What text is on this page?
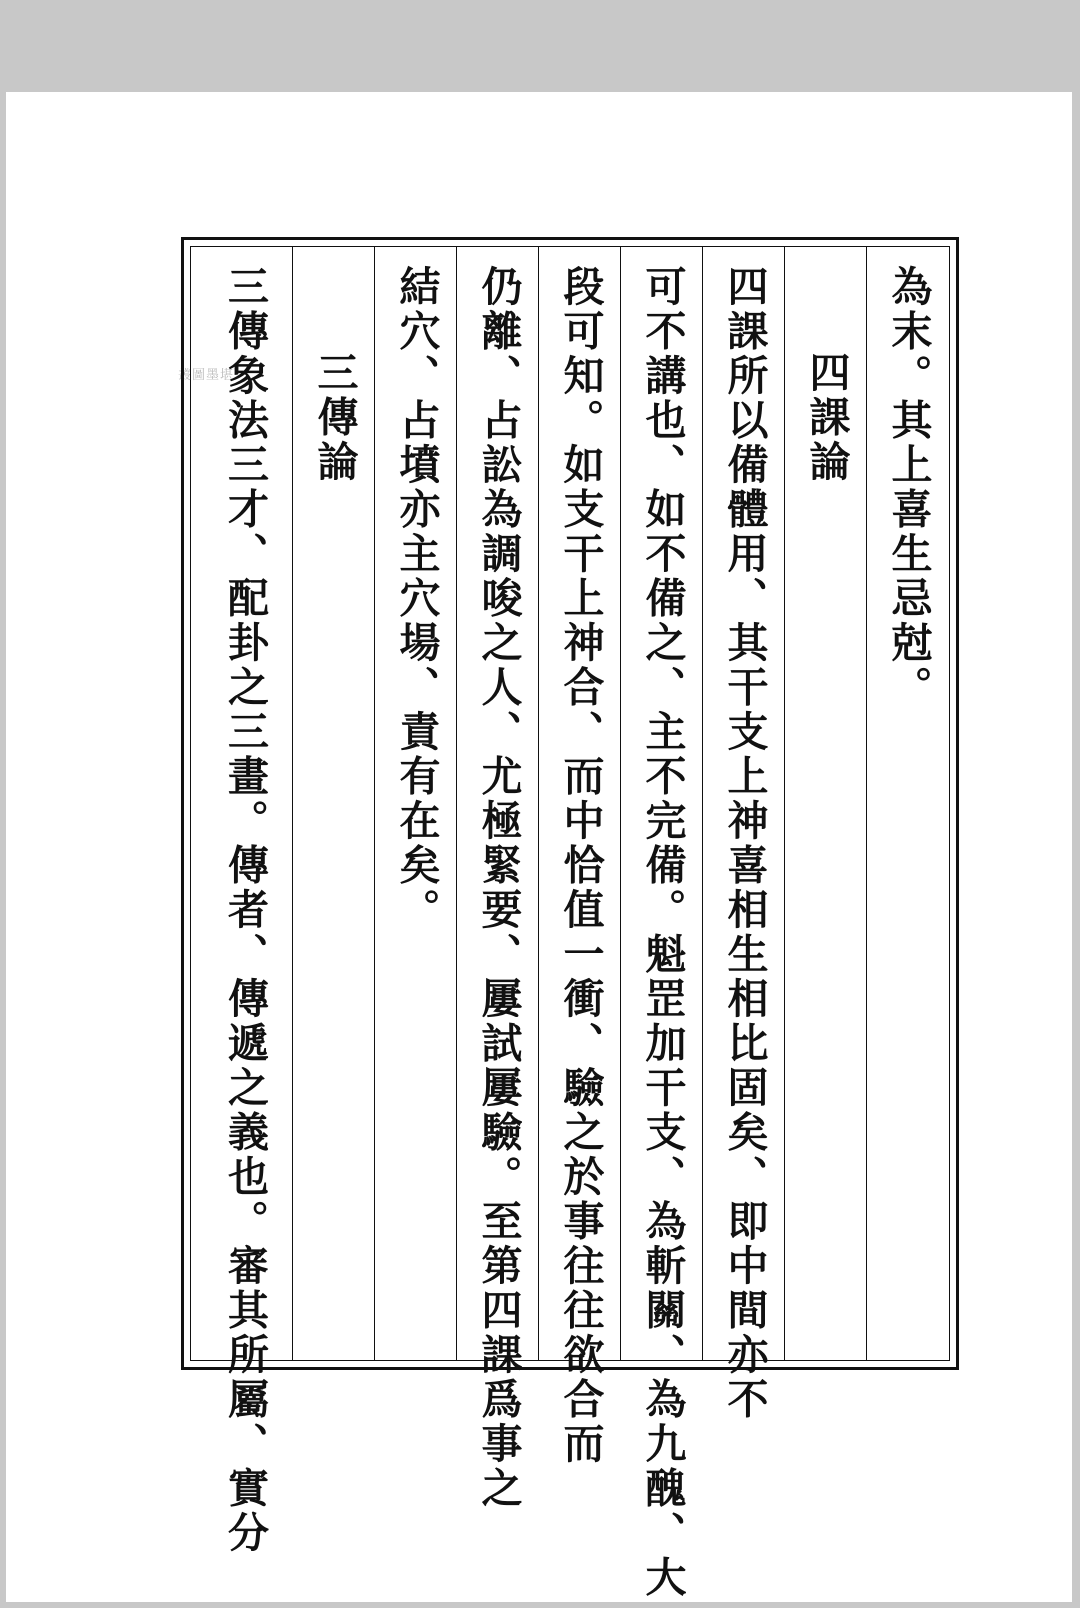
叢圖墨堪	為末。其上喜生忌尅。
四課論
四課所以備體用、其干支上神喜相生相比固矣、即中間亦不
可不講也、如不備之、主不完備。魁罡加干支、為斬關、為九醜、大
段可知。如支干上神合、而中恰值一衝、驗之於事往往欲合而
仍離、占訟為調唆之人、尤極緊要、屢試屢驗。至第四課爲事之
結穴、占墳亦主穴場、責有在矣。
三傳論
三傳象法三才、配卦之三畫。傳者、傳遞之義也。審其所屬、實分
